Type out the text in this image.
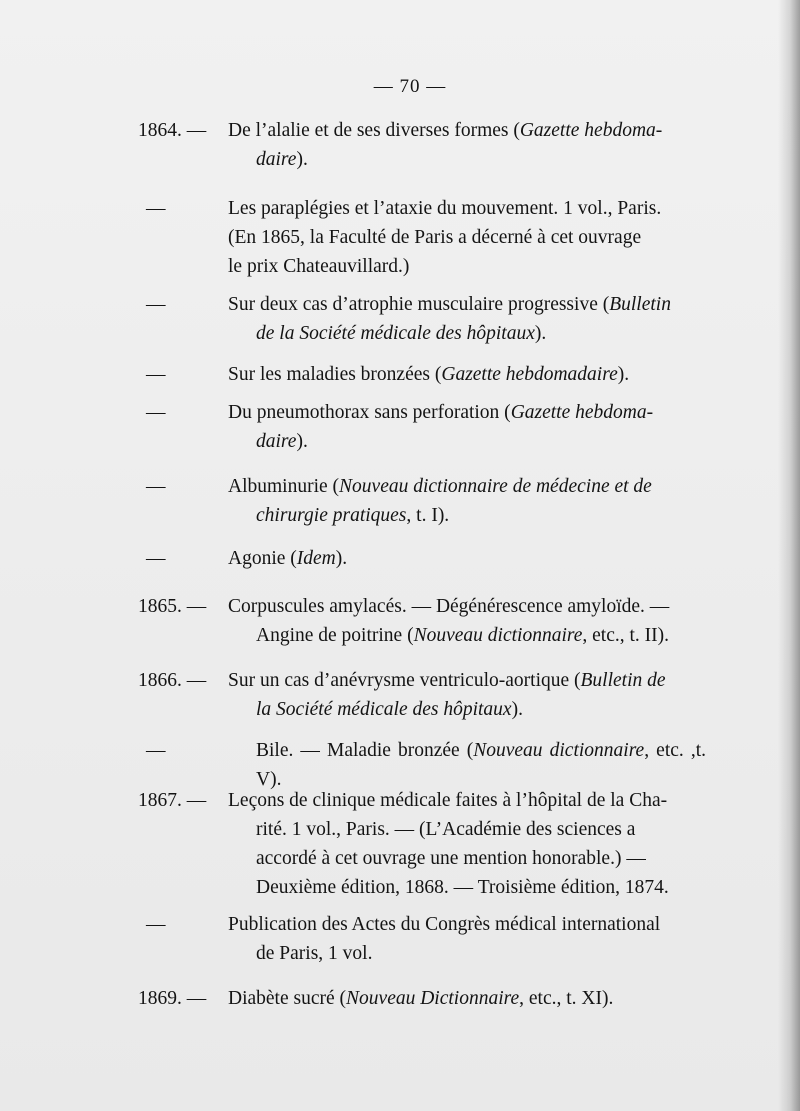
— 70 —
1864. —	De l’alalie et de ses diverses formes (Gazette hebdoma-
daire).
—	Les paraplégies et l’ataxie du mouvement. 1 vol., Paris.
(En 1865, la Faculté de Paris a décerné à cet ouvrage
le prix Chateauvillard.)
—	Sur deux cas d’atrophie musculaire progressive (Bulletin
de la Société médicale des hôpitaux).
—	Sur les maladies bronzées (Gazette hebdomadaire).
—	Du pneumothorax sans perforation (Gazette hebdoma-
daire).
—	Albuminurie (Nouveau dictionnaire de médecine et de
chirurgie pratiques, t. I).
—	Agonie (Idem).
1865. —	Corpuscules amylacés. — Dégénérescence amyloïde. —
Angine de poitrine (Nouveau dictionnaire, etc., t. II).
1866. —	Sur un cas d’anévrysme ventriculo-aortique (Bulletin de
la Société médicale des hôpitaux).
—	Bile. — Maladie bronzée (Nouveau dictionnaire, etc. ,t. V).
1867. —	Leçons de clinique médicale faites à l’hôpital de la Cha-
rité. 1 vol., Paris. — (L’Académie des sciences a
accordé à cet ouvrage une mention honorable.) —
Deuxième édition, 1868. — Troisième édition, 1874.
—	Publication des Actes du Congrès médical international
de Paris, 1 vol.
1869. —	Diabète sucré (Nouveau Dictionnaire, etc., t. XI).
